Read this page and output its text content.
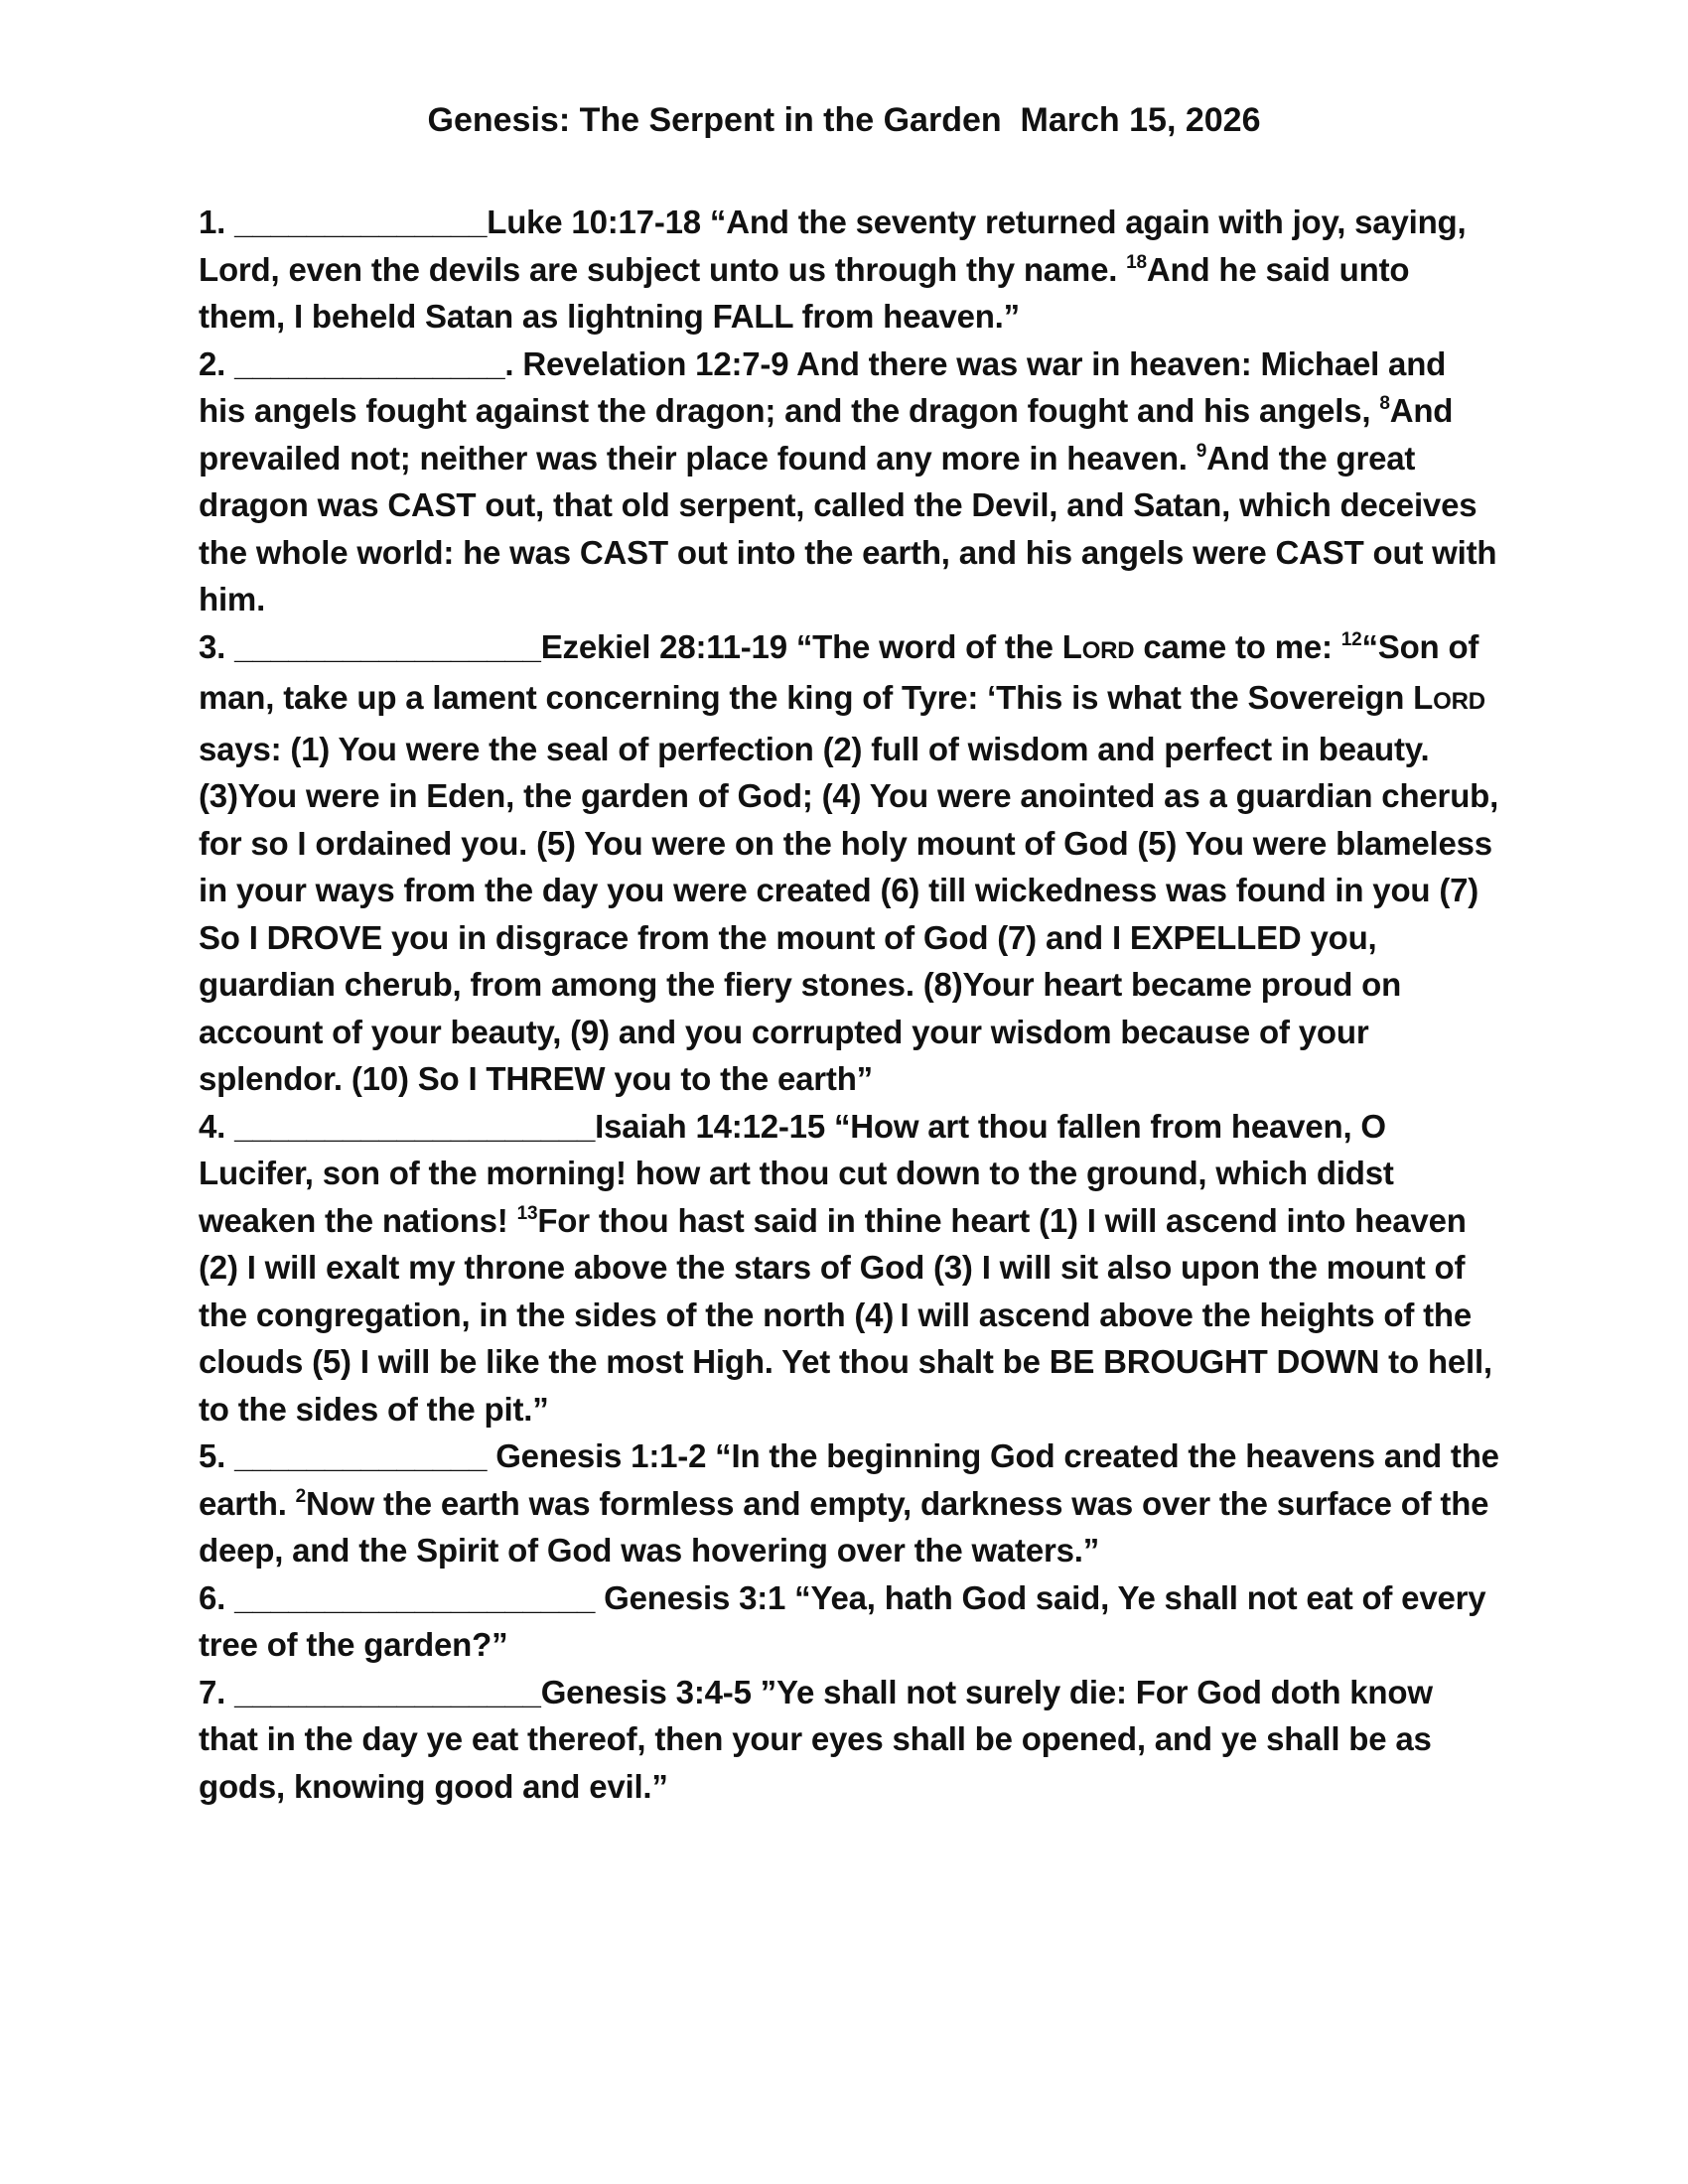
Genesis: The Serpent in the Garden  March 15, 2026

1. ______________Luke 10:17-18 “And the seventy returned again with joy, saying, Lord, even the devils are subject unto us through thy name. $^{18}$And he said unto them, I beheld Satan as lightning FALL from heaven.”

2. _______________. Revelation 12:7-9 And there was war in heaven: Michael and his angels fought against the dragon; and the dragon fought and his angels, $^8$And prevailed not; neither was their place found any more in heaven. $^9$And the great dragon was CAST out, that old serpent, called the Devil, and Satan, which deceives the whole world: he was CAST out into the earth, and his angels were CAST out with him.

3. _________________Ezekiel 28:11-19 “The word of the LORD came to me: $^{12}$“Son of man, take up a lament concerning the king of Tyre: ‘This is what the Sovereign LORD says: (1) You were the seal of perfection (2) full of wisdom and perfect in beauty. (3)You were in Eden, the garden of God; (4) You were anointed as a guardian cherub, for so I ordained you. (5) You were on the holy mount of God (5) You were blameless in your ways from the day you were created (6) till wickedness was found in you (7) So I DROVE you in disgrace from the mount of God (7) and I EXPELLED you, guardian cherub, from among the fiery stones. (8)Your heart became proud on account of your beauty, (9) and you corrupted your wisdom because of your splendor. (10) So I THREW you to the earth”

4. ____________________Isaiah 14:12-15 “How art thou fallen from heaven, O Lucifer, son of the morning! how art thou cut down to the ground, which didst weaken the nations! $^{13}$For thou hast said in thine heart (1) I will ascend into heaven (2) I will exalt my throne above the stars of God (3) I will sit also upon the mount of the congregation, in the sides of the north (4) I will ascend above the heights of the clouds (5) I will be like the most High. Yet thou shalt be BE BROUGHT DOWN to hell, to the sides of the pit.”

5. ______________ Genesis 1:1-2 “In the beginning God created the heavens and the earth. $^2$Now the earth was formless and empty, darkness was over the surface of the deep, and the Spirit of God was hovering over the waters.”

6. ____________________ Genesis 3:1 “Yea, hath God said, Ye shall not eat of every tree of the garden?”

7. _________________Genesis 3:4-5 ”Ye shall not surely die: For God doth know that in the day ye eat thereof, then your eyes shall be opened, and ye shall be as gods, knowing good and evil.”
